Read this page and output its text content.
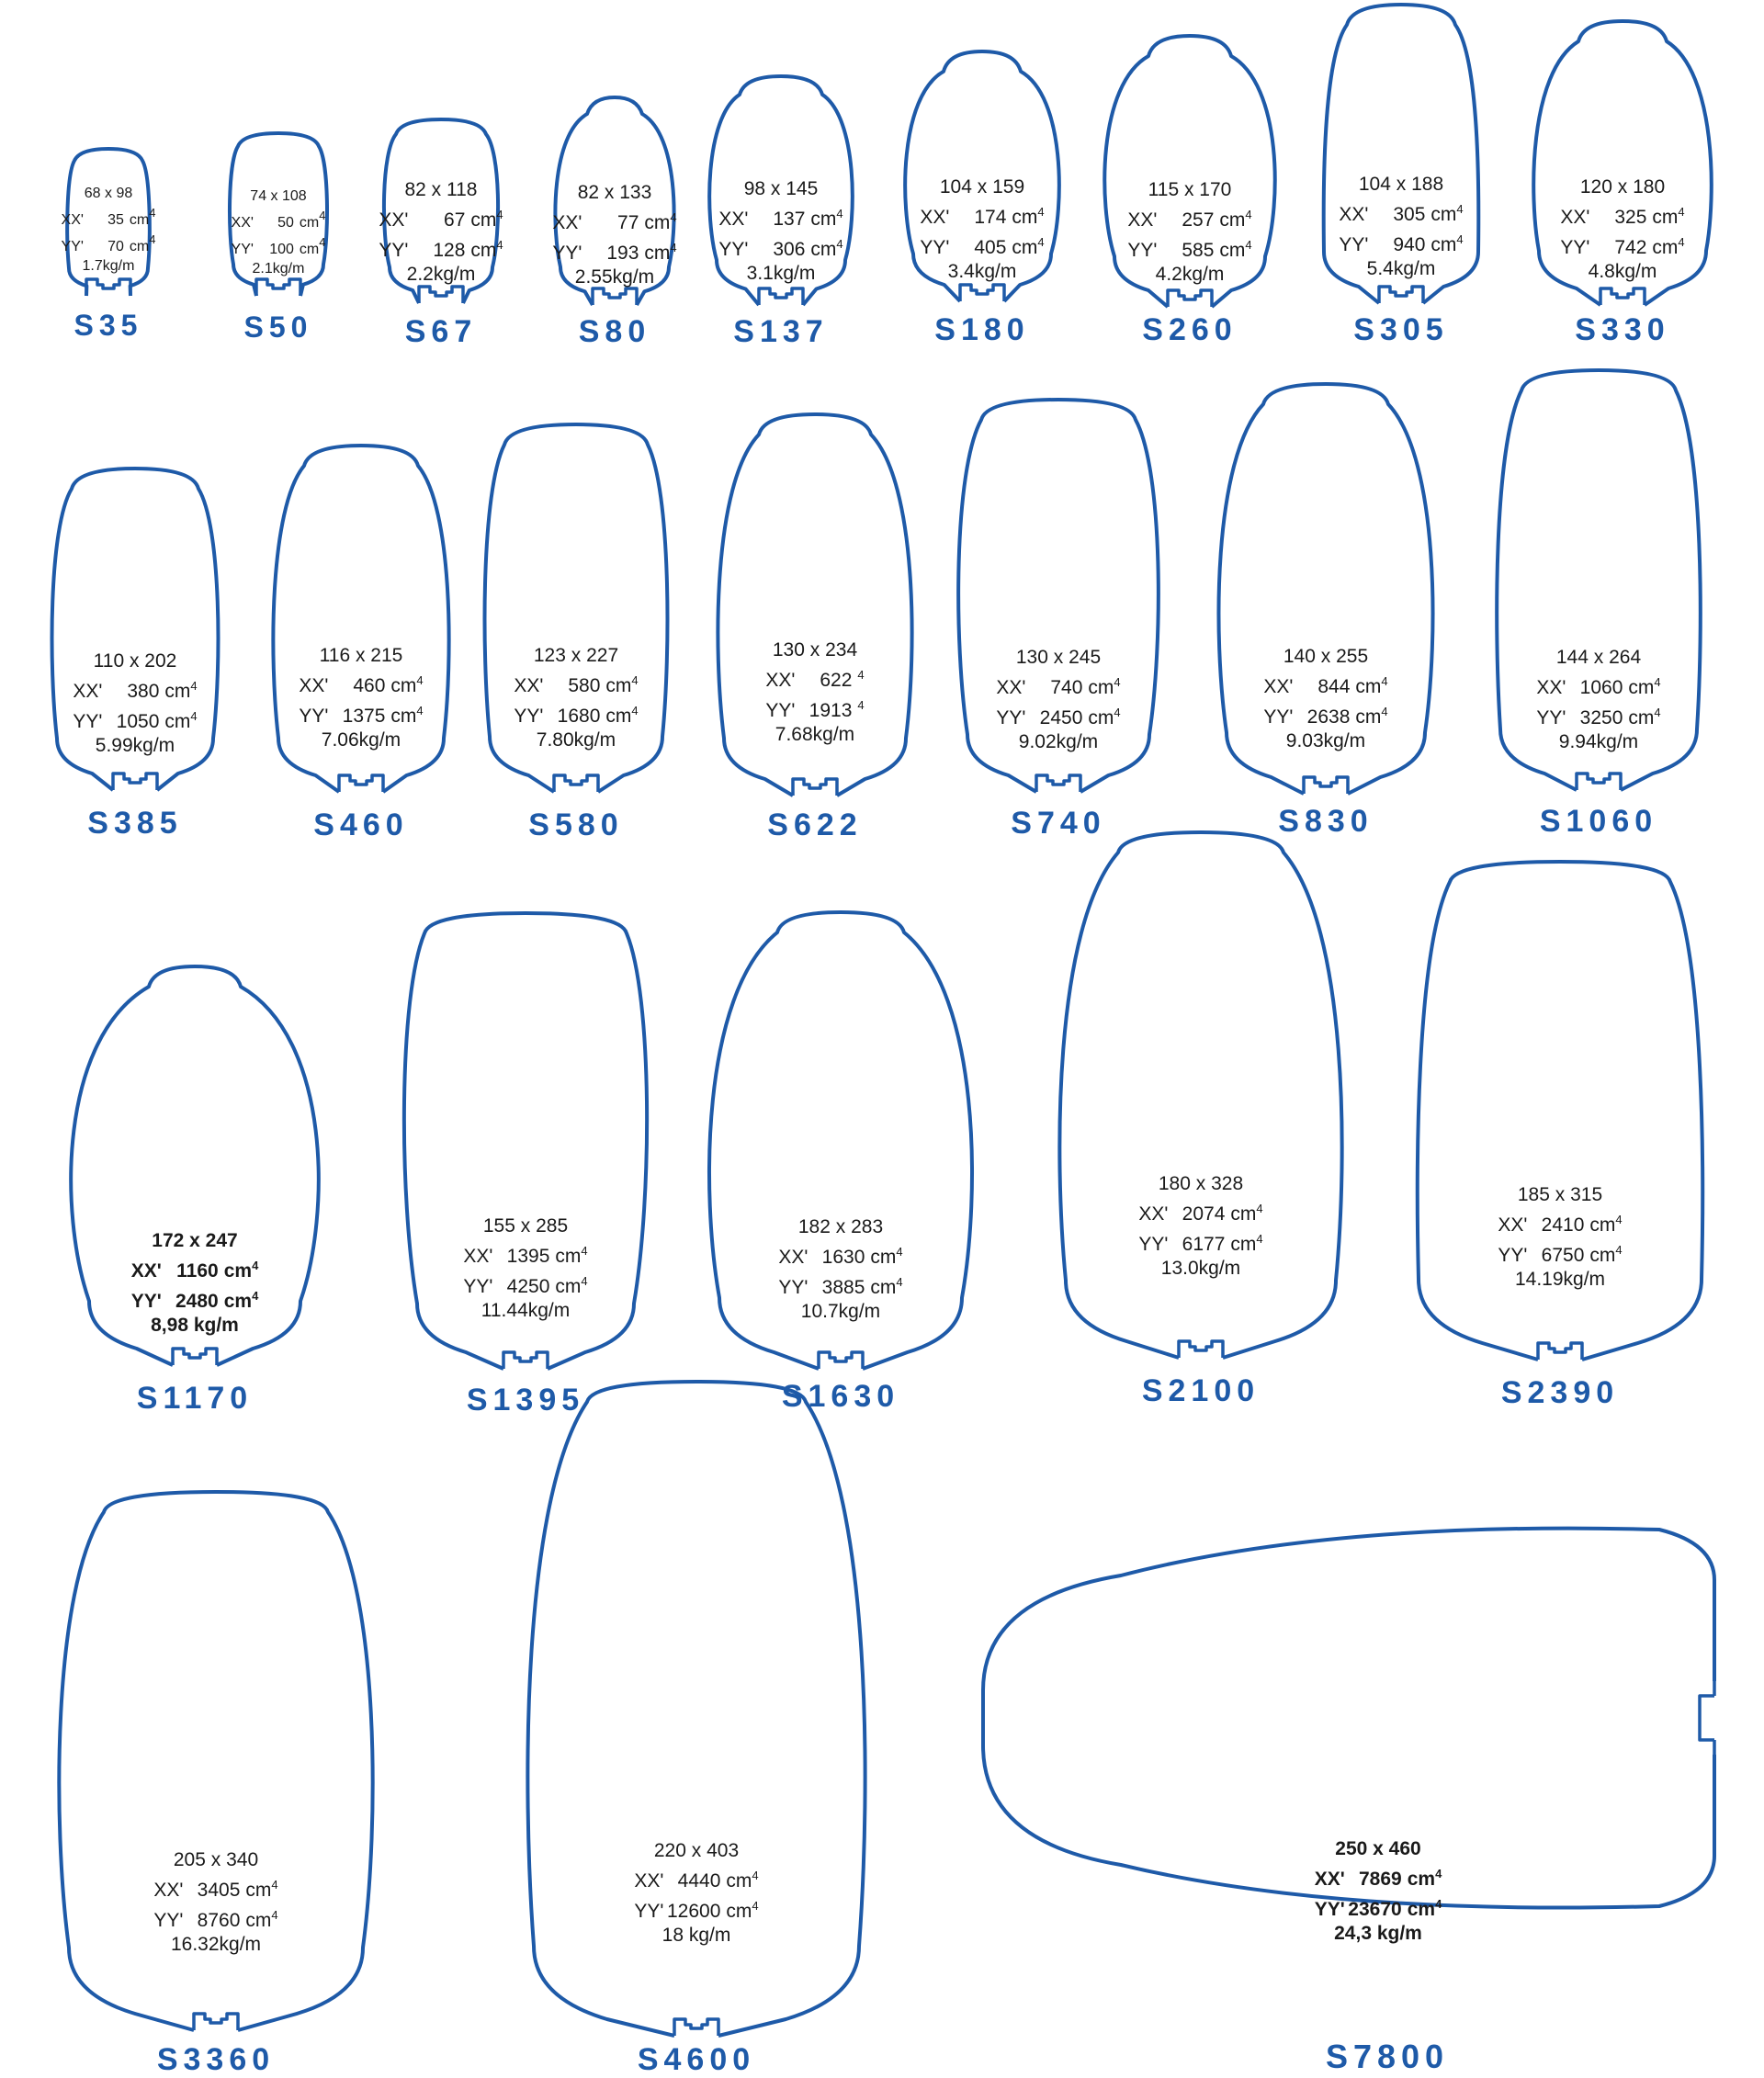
68 x 98
XX' 35 $cm^4$
YY' 70 $cm^4$
1.7kg/m
S35
74 x 108
XX' 50 $cm^4$
YY' 100 $cm^4$
2.1kg/m
S50
82 x 118
XX' 67 $cm^4$
YY' 128 $cm^4$
2.2kg/m
S67
82 x 133
XX' 77 $cm^4$
YY' 193 $cm^4$
2.55kg/m
S80
98 x 145
XX' 137 $cm^4$
YY' 306 $cm^4$
3.1kg/m
S137
104 x 159
XX' 174 $cm^4$
YY' 405 $cm^4$
3.4kg/m
S180
115 x 170
XX' 257 $cm^4$
YY' 585 $cm^4$
4.2kg/m
S260
104 x 188
XX' 305 $cm^4$
YY' 940 $cm^4$
5.4kg/m
S305
120 x 180
XX' 325 $cm^4$
YY' 742 $cm^4$
4.8kg/m
S330
110 x 202
XX' 380 $cm^4$
YY' 1050 $cm^4$
5.99kg/m
S385
116 x 215
XX' 460 $cm^4$
YY' 1375 $cm^4$
7.06kg/m
S460
123 x 227
XX' 580 $cm^4$
YY' 1680 $cm^4$
7.80kg/m
S580
130 x 234
XX' 622 $^4$
YY' 1913 $^4$
7.68kg/m
S622
130 x 245
XX' 740 $cm^4$
YY' 2450 $cm^4$
9.02kg/m
S740
140 x 255
XX' 844 $cm^4$
YY' 2638 $cm^4$
9.03kg/m
S830
144 x 264
XX' 1060 $cm^4$
YY' 3250 $cm^4$
9.94kg/m
S1060
172 x 247
XX' 1160 $cm^4$
YY' 2480 $cm^4$
8,98 kg/m
S1170
155 x 285
XX' 1395 $cm^4$
YY' 4250 $cm^4$
11.44kg/m
S1395
182 x 283
XX' 1630 $cm^4$
YY' 3885 $cm^4$
10.7kg/m
S1630
180 x 328
XX' 2074 $cm^4$
YY' 6177 $cm^4$
13.0kg/m
S2100
185 x 315
XX' 2410 $cm^4$
YY' 6750 $cm^4$
14.19kg/m
S2390
205 x 340
XX' 3405 $cm^4$
YY' 8760 $cm^4$
16.32kg/m
S3360
220 x 403
XX' 4440 $cm^4$
YY' 12600 $cm^4$
18 kg/m
S4600
250 x 460
XX' 7869 $cm^4$
YY' 23670 $cm^4$
24,3 kg/m
S7800
